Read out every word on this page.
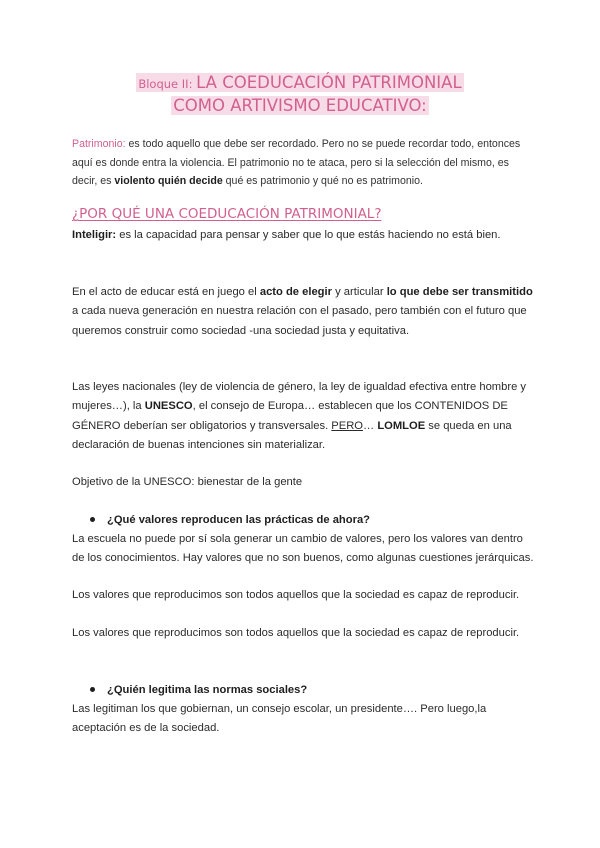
Bloque II: LA COEDUCACIÓN PATRIMONIAL
COMO ARTIVISMO EDUCATIVO:
Patrimonio: es todo aquello que debe ser recordado. Pero no se puede recordar todo, entonces aquí es donde entra la violencia. El patrimonio no te ataca, pero si la selección del mismo, es decir, es violento quién decide qué es patrimonio y qué no es patrimonio.
¿POR QUÉ UNA COEDUCACIÓN PATRIMONIAL?
Inteligir: es la capacidad para pensar y saber que lo que estás haciendo no está bien.
En el acto de educar está en juego el acto de elegir y articular lo que debe ser transmitido a cada nueva generación en nuestra relación con el pasado, pero también con el futuro que queremos construir como sociedad -una sociedad justa y equitativa.
Las leyes nacionales (ley de violencia de género, la ley de igualdad efectiva entre hombre y mujeres…), la UNESCO, el consejo de Europa… establecen que los CONTENIDOS DE GÉNERO deberían ser obligatorios y transversales. PERO… LOMLOE se queda en una declaración de buenas intenciones sin materializar.
Objetivo de la UNESCO: bienestar de la gente
¿Qué valores reproducen las prácticas de ahora?
La escuela no puede por sí sola generar un cambio de valores, pero los valores van dentro de los conocimientos. Hay valores que no son buenos, como algunas cuestiones jerárquicas.
Los valores que reproducimos son todos aquellos que la sociedad es capaz de reproducir.
Los valores que reproducimos son todos aquellos que la sociedad es capaz de reproducir.
¿Quién legitima las normas sociales?
Las legitiman los que gobiernan, un consejo escolar, un presidente…. Pero luego,la aceptación es de la sociedad.
